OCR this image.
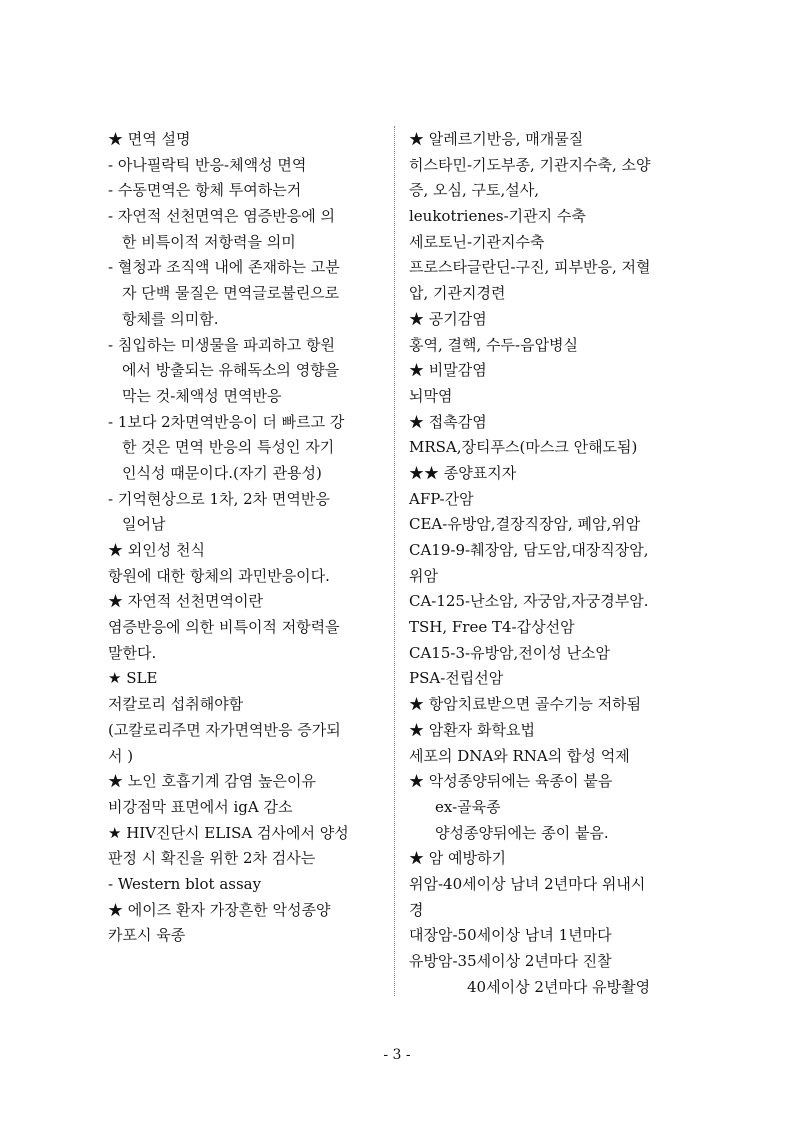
★ 면역 설명
- 아나필락틱 반응-체액성 면역
- 수동면역은 항체 투여하는거
- 자연적 선천면역은 염증반응에 의
한 비특이적 저항력을 의미
- 혈청과 조직액 내에 존재하는 고분
자 단백 물질은 면역글로불린으로
항체를 의미함.
- 침입하는 미생물을 파괴하고 항원
에서 방출되는 유해독소의 영향을
막는 것-체액성 면역반응
- 1보다 2차면역반응이 더 빠르고 강
한 것은 면역 반응의 특성인 자기
인식성 때문이다.(자기 관용성)
- 기억현상으로 1차, 2차 면역반응
일어남
★ 외인성 천식
항원에 대한 항체의 과민반응이다.
★ 자연적 선천면역이란
염증반응에 의한 비특이적 저항력을
말한다.
★ SLE
저칼로리 섭취해야함
(고칼로리주면 자가면역반응 증가되
서 )
★ 노인 호흡기계 감염 높은이유
비강점막 표면에서 igA 감소
★ HIV진단시 ELISA 검사에서 양성
판정 시 확진을 위한 2차 검사는
- Western blot assay
★ 에이즈 환자 가장흔한 악성종양
카포시 육종
★ 알레르기반응, 매개물질
히스타민-기도부종, 기관지수축, 소양
증, 오심, 구토,설사,
leukotrienes-기관지 수축
세로토닌-기관지수축
프로스타글란딘-구진, 피부반응, 저혈
압, 기관지경련
★ 공기감염
홍역, 결핵, 수두-음압병실
★ 비말감염
뇌막염
★ 접촉감염
MRSA,장티푸스(마스크 안해도됨)
★★ 종양표지자
AFP-간암
CEA-유방암,결장직장암, 폐암,위암
CA19-9-췌장암, 담도암,대장직장암,
위암
CA-125-난소암, 자궁암,자궁경부암.
TSH, Free T4-갑상선암
CA15-3-유방암,전이성 난소암
PSA-전립선암
★ 항암치료받으면 골수기능 저하됨
★ 암환자 화학요법
세포의 DNA와 RNA의 합성 억제
★ 악성종양뒤에는 육종이 붙음
ex-골육종
양성종양뒤에는 종이 붙음.
★ 암 예방하기
위암-40세이상 남녀 2년마다 위내시
경
대장암-50세이상 남녀 1년마다
유방암-35세이상 2년마다 진찰
40세이상 2년마다 유방촬영
- 3 -
